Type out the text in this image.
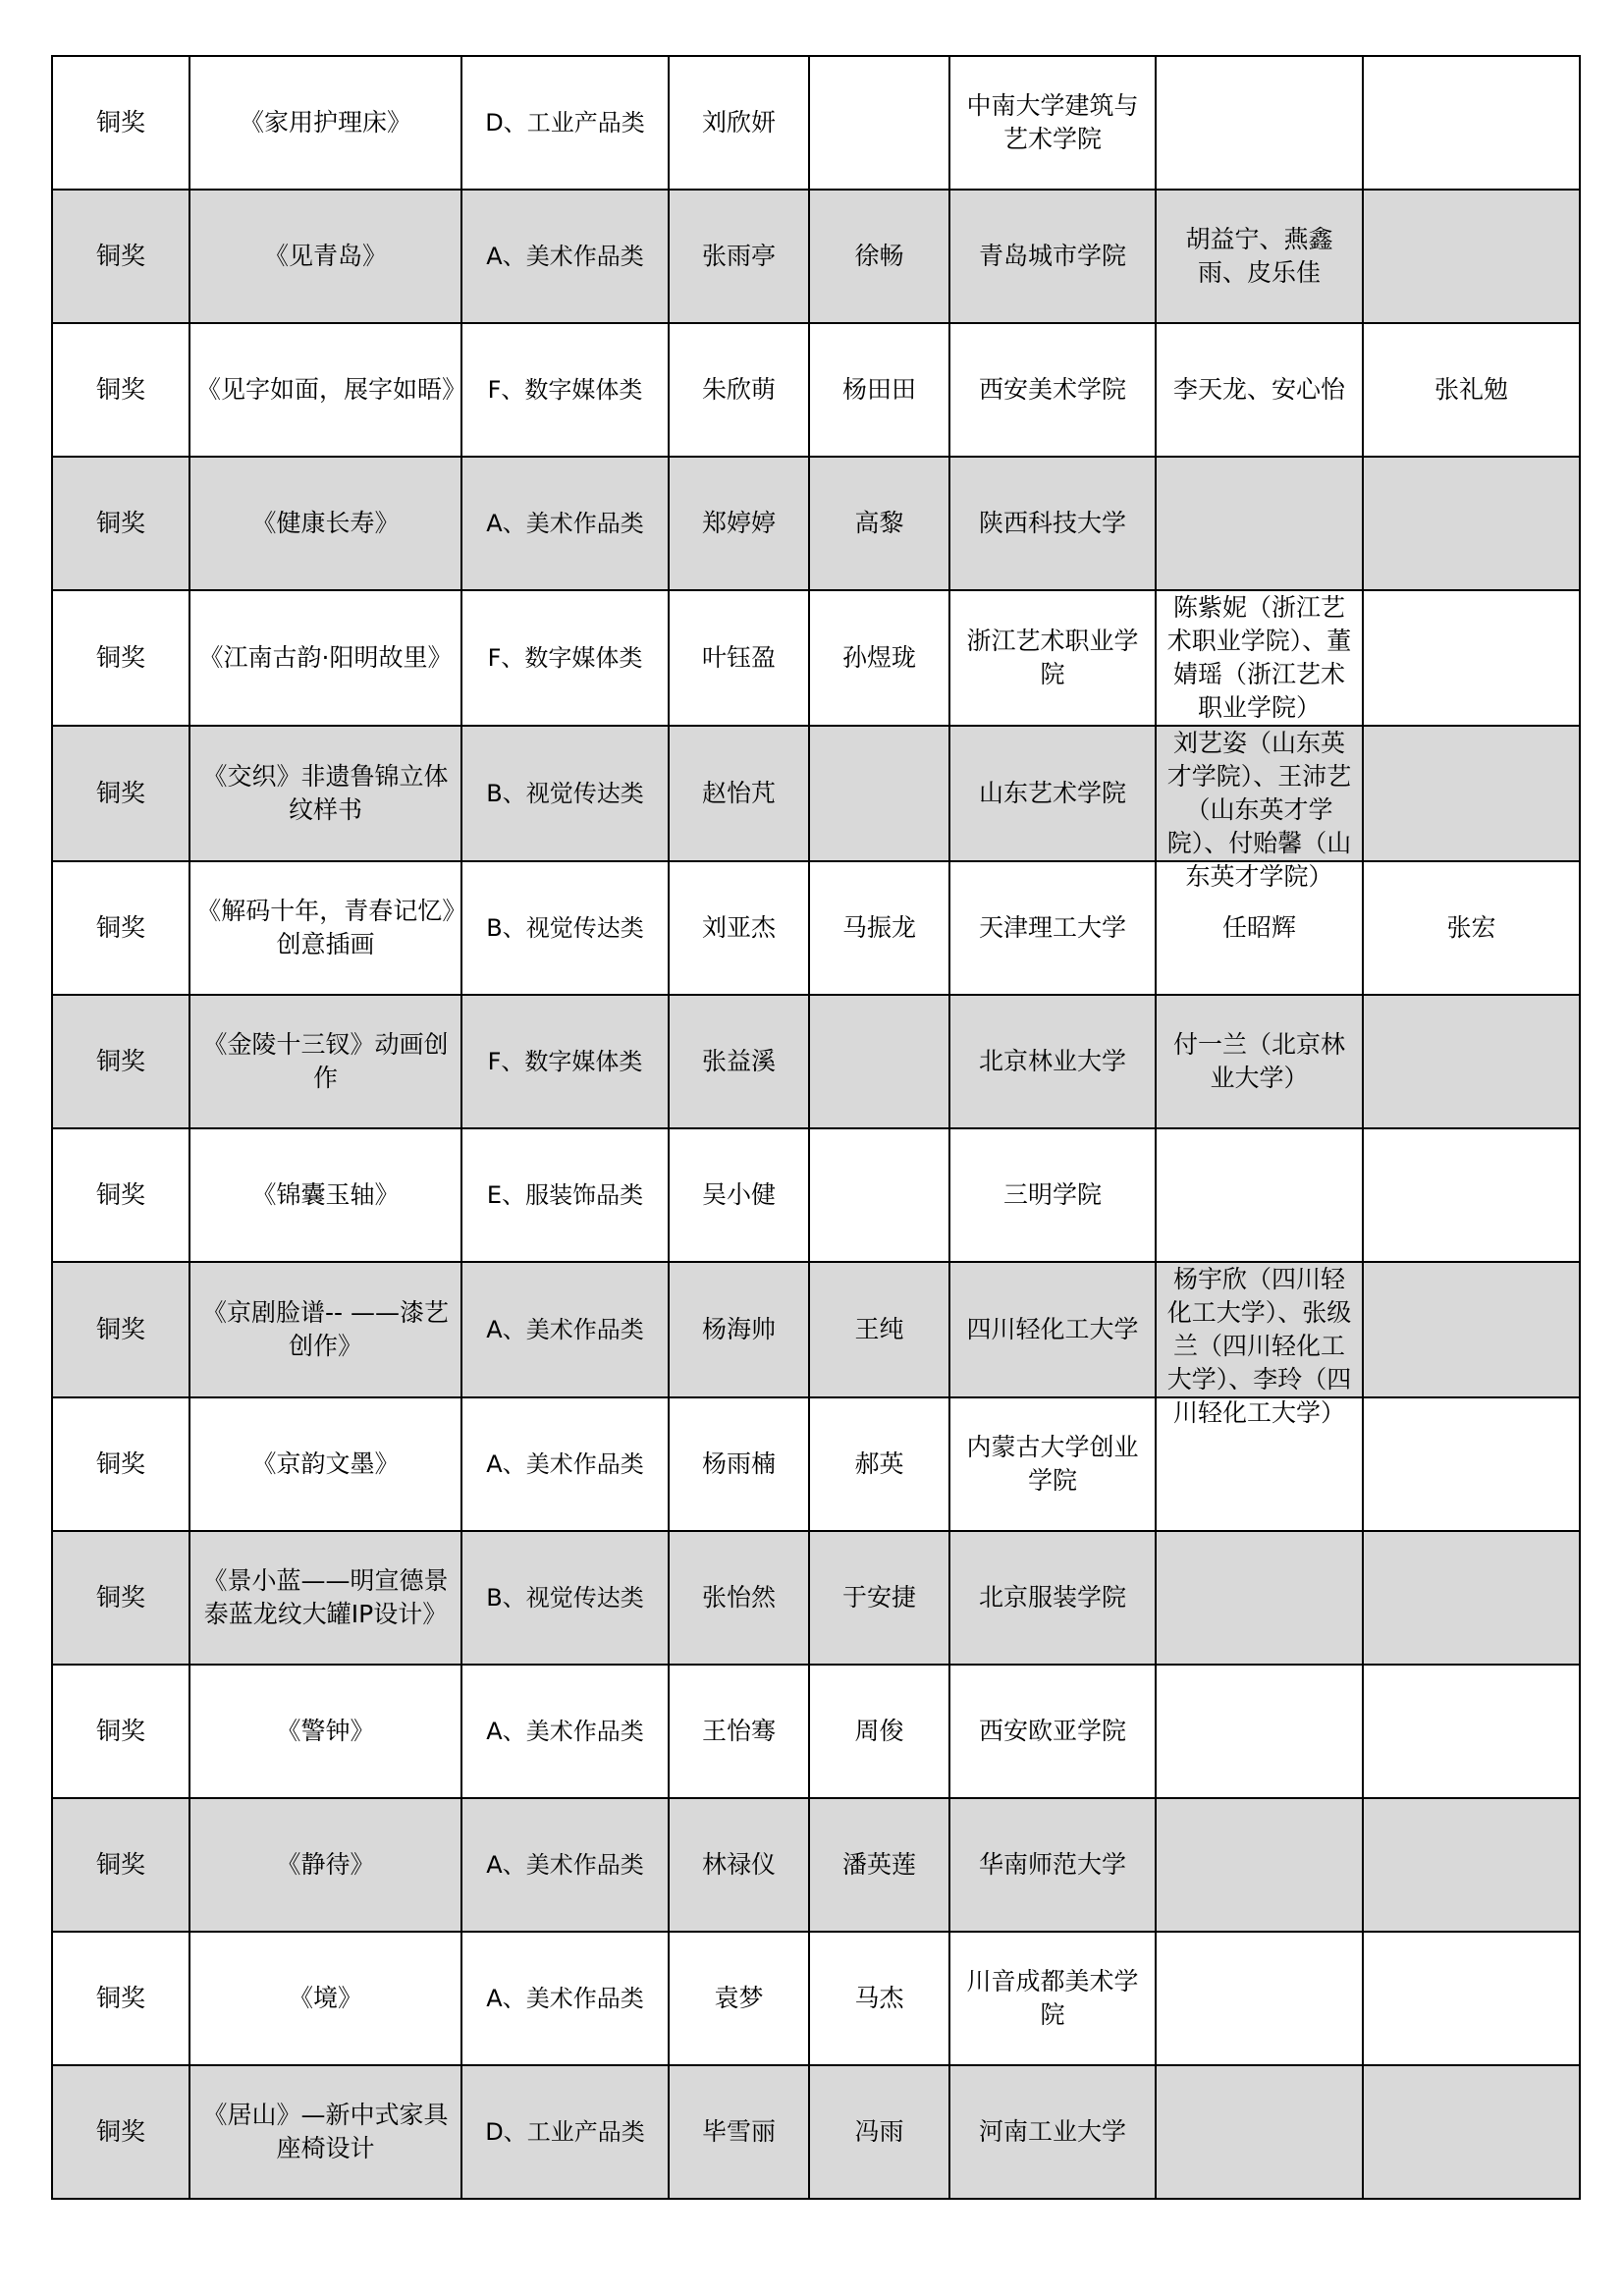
铜奖	《家用护理床》	D、工业产品类	刘欣妍		中南大学建筑与艺术学院		

铜奖	《见青岛》	A、美术作品类	张雨亭	徐畅	青岛城市学院	胡益宁、燕鑫雨、皮乐佳	

铜奖	《见字如面，展字如晤》	F、数字媒体类	朱欣萌	杨田田	西安美术学院	李天龙、安心怡	张礼勉

铜奖	《健康长寿》	A、美术作品类	郑婷婷	高黎	陕西科技大学		

铜奖	《江南古韵·阳明故里》	F、数字媒体类	叶钰盈	孙煜珑	浙江艺术职业学院	陈紫妮（浙江艺术职业学院）、董婧瑶（浙江艺术职业学院）	

铜奖	《交织》非遗鲁锦立体纹样书	B、视觉传达类	赵怡芃		山东艺术学院	刘艺姿（山东英才学院）、王沛艺（山东英才学院）、付贻馨（山东英才学院）	

铜奖	《解码十年，青春记忆》创意插画	B、视觉传达类	刘亚杰	马振龙	天津理工大学	任昭辉	张宏

铜奖	《金陵十三钗》动画创作	F、数字媒体类	张益溪		北京林业大学	付一兰（北京林业大学）	

铜奖	《锦囊玉轴》	E、服装饰品类	吴小健		三明学院		

铜奖	《京剧脸谱-- ——漆艺创作》	A、美术作品类	杨海帅	王纯	四川轻化工大学	杨宇欣（四川轻化工大学）、张级兰（四川轻化工大学）、李玲（四川轻化工大学）	

铜奖	《京韵文墨》	A、美术作品类	杨雨楠	郝英	内蒙古大学创业学院		

铜奖	《景小蓝——明宣德景泰蓝龙纹大罐IP设计》	B、视觉传达类	张怡然	于安捷	北京服装学院		

铜奖	《警钟》	A、美术作品类	王怡骞	周俊	西安欧亚学院		

铜奖	《静待》	A、美术作品类	林禄仪	潘英莲	华南师范大学		

铜奖	《境》	A、美术作品类	袁梦	马杰	川音成都美术学院		

铜奖	《居山》—新中式家具座椅设计	D、工业产品类	毕雪丽	冯雨	河南工业大学		
